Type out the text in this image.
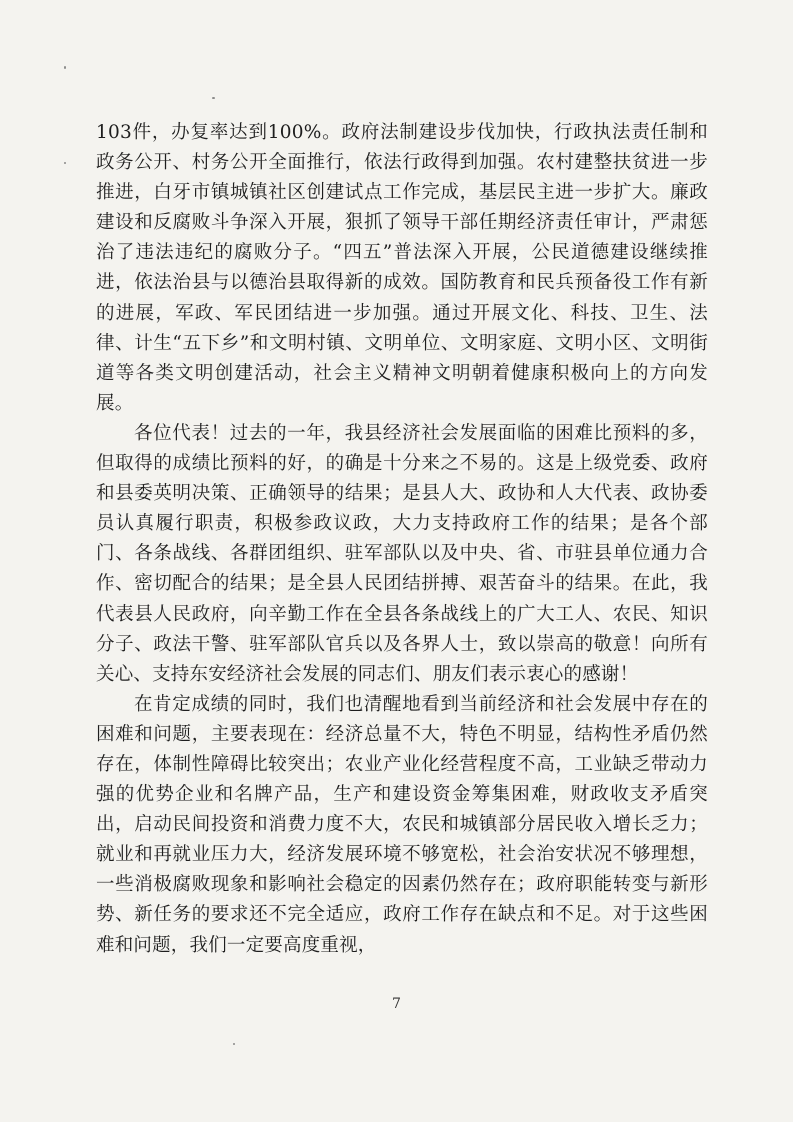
103件，办复率达到100%。政府法制建设步伐加快，行政执法责任制和政务公开、村务公开全面推行，依法行政得到加强。农村建整扶贫进一步推进，白牙市镇城镇社区创建试点工作完成，基层民主进一步扩大。廉政建设和反腐败斗争深入开展，狠抓了领导干部任期经济责任审计，严肃惩治了违法违纪的腐败分子。“四五”普法深入开展，公民道德建设继续推进，依法治县与以德治县取得新的成效。国防教育和民兵预备役工作有新的进展，军政、军民团结进一步加强。通过开展文化、科技、卫生、法律、计生“五下乡”和文明村镇、文明单位、文明家庭、文明小区、文明街道等各类文明创建活动，社会主义精神文明朝着健康积极向上的方向发展。

各位代表！过去的一年，我县经济社会发展面临的困难比预料的多，但取得的成绩比预料的好，的确是十分来之不易的。这是上级党委、政府和县委英明决策、正确领导的结果；是县人大、政协和人大代表、政协委员认真履行职责，积极参政议政，大力支持政府工作的结果；是各个部门、各条战线、各群团组织、驻军部队以及中央、省、市驻县单位通力合作、密切配合的结果；是全县人民团结拼搏、艰苦奋斗的结果。在此，我代表县人民政府，向辛勤工作在全县各条战线上的广大工人、农民、知识分子、政法干警、驻军部队官兵以及各界人士，致以崇高的敬意！向所有关心、支持东安经济社会发展的同志们、朋友们表示衷心的感谢！

在肯定成绩的同时，我们也清醒地看到当前经济和社会发展中存在的困难和问题，主要表现在：经济总量不大，特色不明显，结构性矛盾仍然存在，体制性障碍比较突出；农业产业化经营程度不高，工业缺乏带动力强的优势企业和名牌产品，生产和建设资金筹集困难，财政收支矛盾突出，启动民间投资和消费力度不大，农民和城镇部分居民收入增长乏力；就业和再就业压力大，经济发展环境不够宽松，社会治安状况不够理想，一些消极腐败现象和影响社会稳定的因素仍然存在；政府职能转变与新形势、新任务的要求还不完全适应，政府工作存在缺点和不足。对于这些困难和问题，我们一定要高度重视，

7
